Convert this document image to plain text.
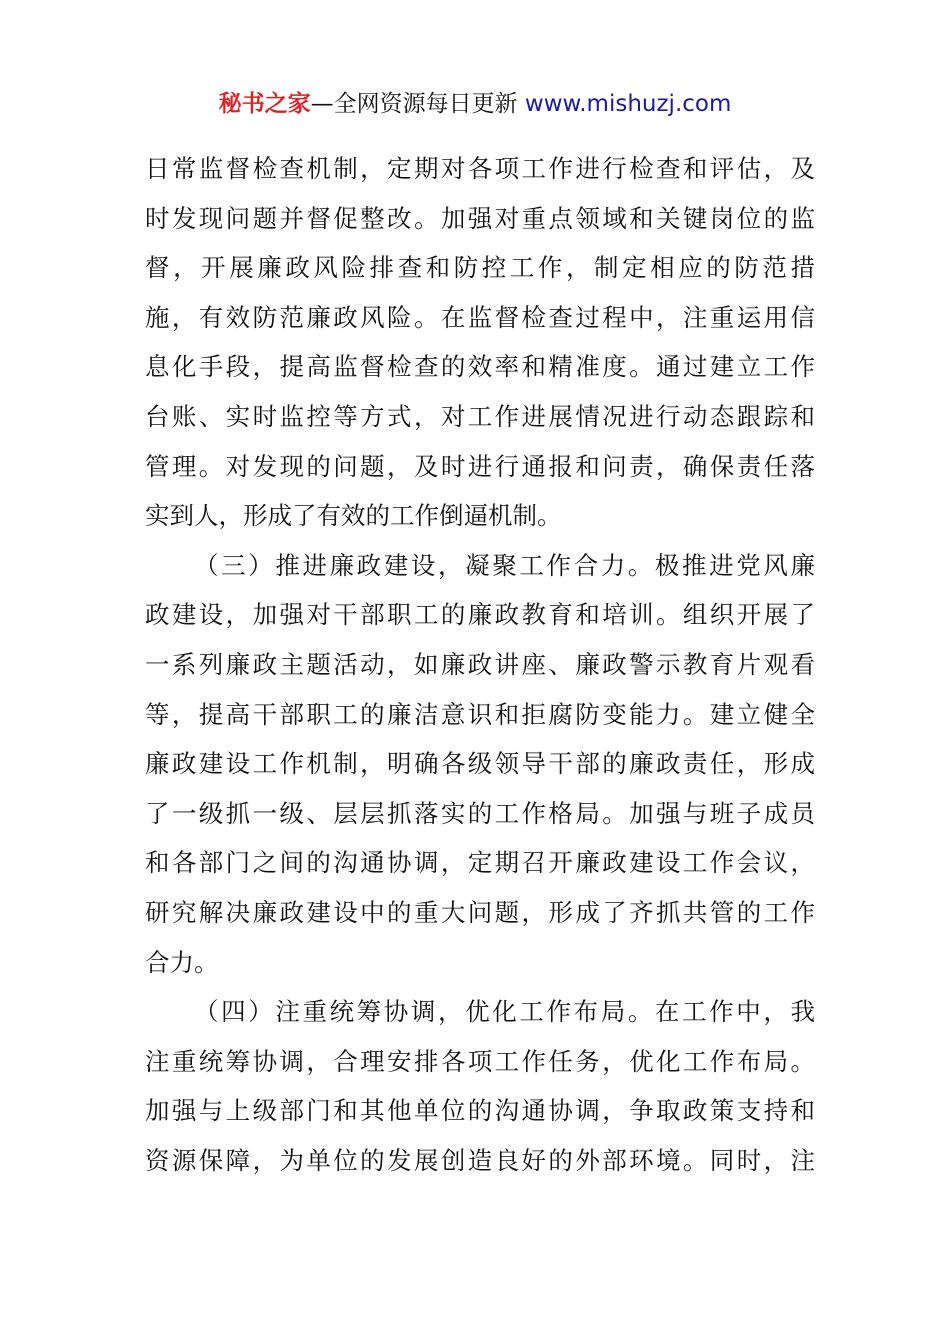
秘书之家—全网资源每日更新 www.mishuzj.com
日常监督检查机制，定期对各项工作进行检查和评估，及
时发现问题并督促整改。加强对重点领域和关键岗位的监
督，开展廉政风险排查和防控工作，制定相应的防范措
施，有效防范廉政风险。在监督检查过程中，注重运用信
息化手段，提高监督检查的效率和精准度。通过建立工作
台账、实时监控等方式，对工作进展情况进行动态跟踪和
管理。对发现的问题，及时进行通报和问责，确保责任落
实到人，形成了有效的工作倒逼机制。
（三）推进廉政建设，凝聚工作合力。极推进党风廉
政建设，加强对干部职工的廉政教育和培训。组织开展了
一系列廉政主题活动，如廉政讲座、廉政警示教育片观看
等，提高干部职工的廉洁意识和拒腐防变能力。建立健全
廉政建设工作机制，明确各级领导干部的廉政责任，形成
了一级抓一级、层层抓落实的工作格局。加强与班子成员
和各部门之间的沟通协调，定期召开廉政建设工作会议，
研究解决廉政建设中的重大问题，形成了齐抓共管的工作
合力。
（四）注重统筹协调，优化工作布局。在工作中，我
注重统筹协调，合理安排各项工作任务，优化工作布局。
加强与上级部门和其他单位的沟通协调，争取政策支持和
资源保障，为单位的发展创造良好的外部环境。同时，注
